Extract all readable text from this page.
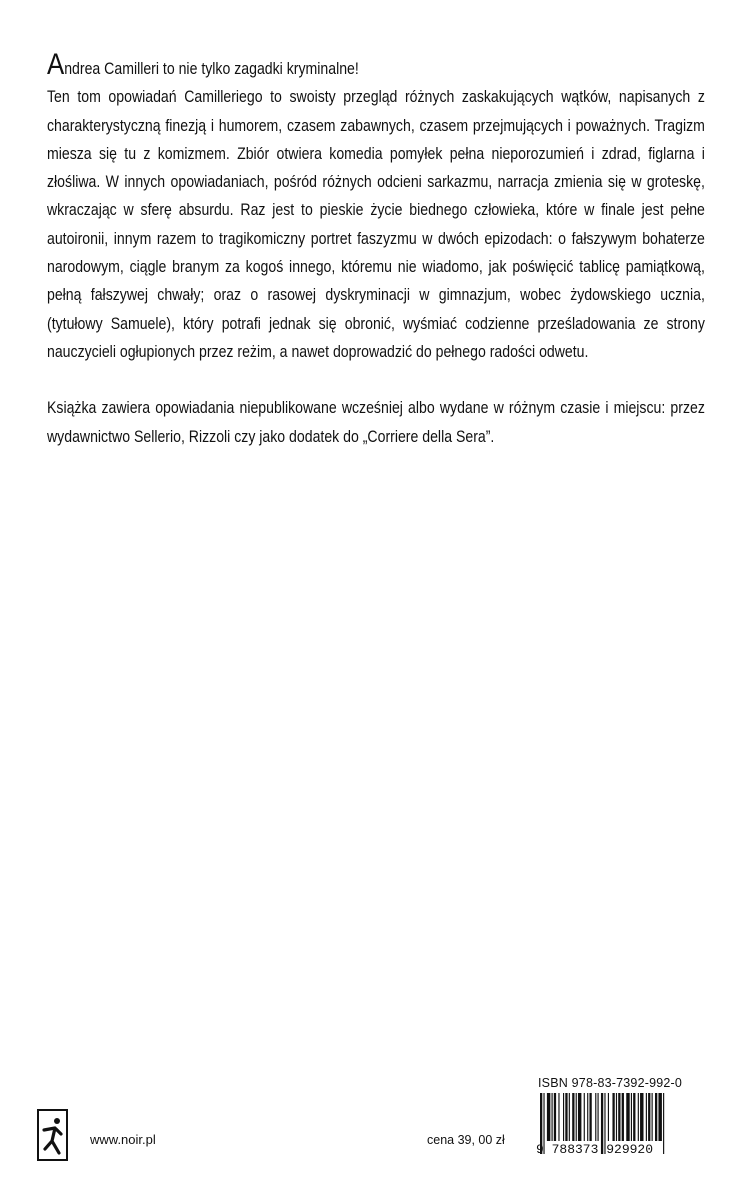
Andrea Camilleri to nie tylko zagadki kryminalne!
Ten tom opowiadań Camilleriego to swoisty przegląd różnych zaskakujących wątków, napisanych z charakterystyczną finezją i humorem, czasem zabawnych, czasem przejmujących i poważnych. Tragizm miesza się tu z komizmem. Zbiór otwiera komedia pomyłek pełna nieporozumień i zdrad, figlarna i złośliwa. W innych opowiadaniach, pośród różnych odcieni sarkazmu, narracja zmienia się w groteskę, wkraczając w sferę absurdu. Raz jest to pieskie życie biednego człowieka, które w finale jest pełne autoironii, innym razem to tragikomiczny portret faszyzmu w dwóch epizodach: o fałszywym bohaterze narodowym, ciągle branym za kogoś innego, któremu nie wiadomo, jak poświęcić tablicę pamiątkową, pełną fałszywej chwały; oraz o rasowej dyskryminacji w gimnazjum, wobec żydowskiego ucznia, (tytułowy Samuele), który potrafi jednak się obronić, wyśmiać codzienne prześladowania ze strony nauczycieli ogłupionych przez reżim, a nawet doprowadzić do pełnego radości odwetu.

Książka zawiera opowiadania niepublikowane wcześniej albo wydane w różnym czasie i miejscu: przez wydawnictwo Sellerio, Rizzoli czy jako dodatek do „Corriere della Sera”.

www.noir.pl	cena 39, 00 zł
ISBN 978-83-7392-992-0
9 788373 929920
